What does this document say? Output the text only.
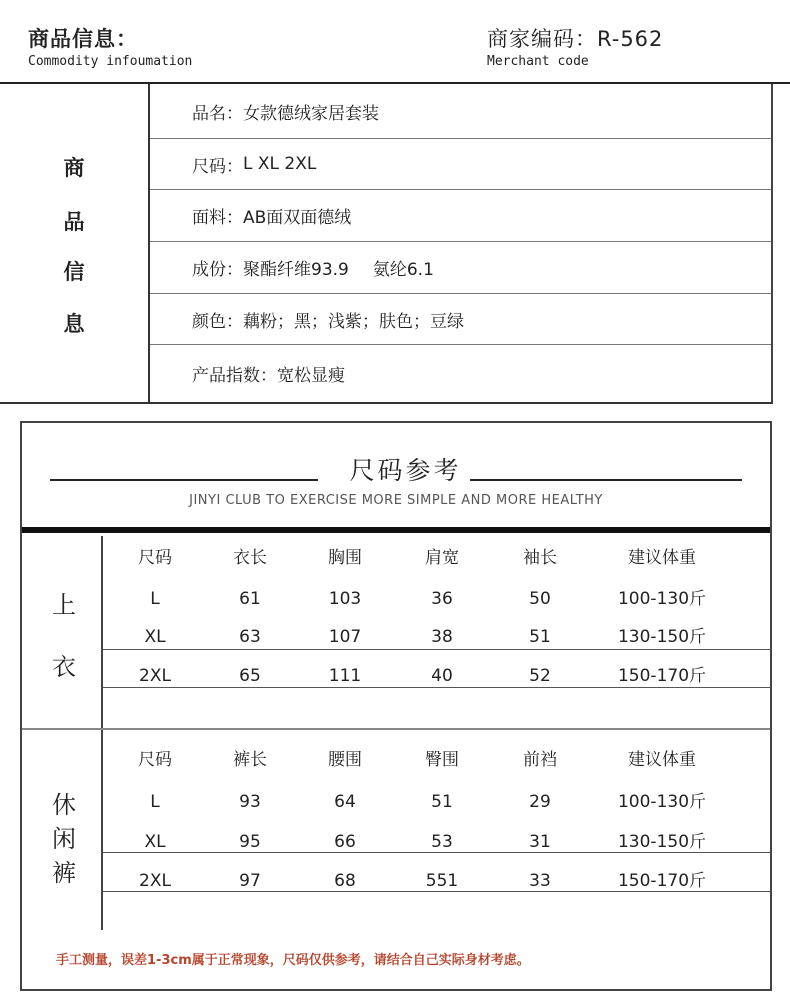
商品信息：
Commodity infoumation
商家编码：R-562
Merchant code
商
品
信
息
品名： 女款德绒家居套装
尺码： L XL 2XL
面料： AB面双面德绒
成份： 聚酯纤维93.9 氨纶6.1
颜色： 藕粉；黑；浅紫；肤色；豆绿
产品指数： 宽松显瘦
尺码参考
JINYI CLUB TO EXERCISE MORE SIMPLE AND MORE HEALTHY
上
衣
尺码	衣长	胸围	肩宽	袖长	建议体重
L	61	103	36	50	100-130斤
XL	63	107	38	51	130-150斤
2XL	65	111	40	52	150-170斤
休
闲
裤
尺码	裤长	腰围	臀围	前裆	建议体重
L	93	64	51	29	100-130斤
XL	95	66	53	31	130-150斤
2XL	97	68	551	33	150-170斤
手工测量，误差1-3cm属于正常现象，尺码仅供参考，请结合自己实际身材考虑。
